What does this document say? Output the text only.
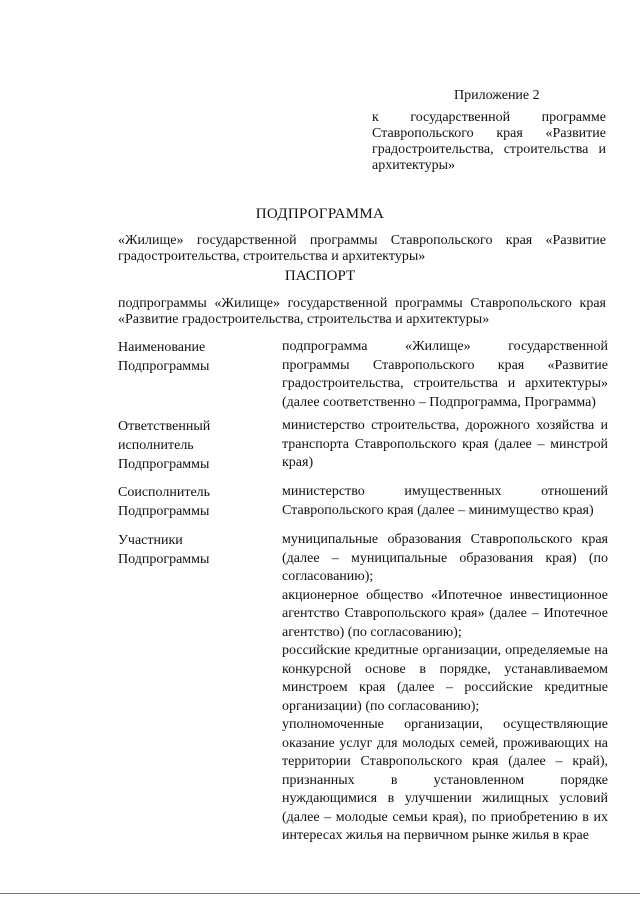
Приложение 2
к государственной программе Ставропольского края «Развитие градостроительства, строительства и архитектуры»
ПОДПРОГРАММА
«Жилище» государственной программы Ставропольского края «Развитие градостроительства, строительства и архитектуры»
ПАСПОРТ
подпрограммы «Жилище» государственной программы Ставропольского края «Развитие градостроительства, строительства и архитектуры»
Наименование
Подпрограммы

подпрограмма «Жилище» государственной программы Ставропольского края «Развитие градостроительства, строительства и архитектуры» (далее соответственно – Подпрограмма, Программа)

Ответственный
исполнитель
Подпрограммы

министерство строительства, дорожного хозяйства и транспорта Ставропольского края (далее – минстрой края)

Соисполнитель
Подпрограммы

министерство имущественных отношений Ставропольского края (далее – минимущество края)

Участники
Подпрограммы

муниципальные образования Ставропольского края (далее – муниципальные образования края) (по согласованию);

акционерное общество «Ипотечное инвестиционное агентство Ставропольского края» (далее – Ипотечное агентство) (по согласованию);

российские кредитные организации, определяемые на конкурсной основе в порядке, устанавливаемом минстроем края (далее – российские кредитные организации) (по согласованию);

уполномоченные организации, осуществляющие оказание услуг для молодых семей, проживающих на территории Ставропольского края (далее – край), признанных в установленном порядке нуждающимися в улучшении жилищных условий (далее – молодые семьи края), по приобретению в их интересах жилья на первичном рынке жилья в крае
